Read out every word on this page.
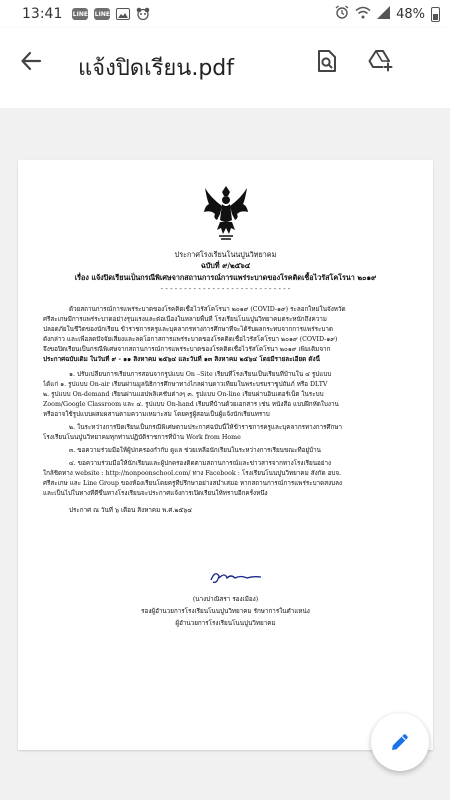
13:41 LINE LINE	48%
แจ้งปิดเรียน.pdf
ประกาศโรงเรียนโนนปูนวิทยาคม
ฉบับที่ ๙/๒๕๖๔
เรื่อง แจ้งปิดเรียนเป็นกรณีพิเศษจากสถานการณ์การแพร่ระบาดของโรคติดเชื้อไวรัสโคโรนา ๒๐๑๙
- - - - - - - - - - - - - - - - - - - - - - - - - - - -
ด้วยสถานการณ์การแพร่ระบาดของโรคติดเชื้อไวรัสโคโรนา ๒๐๑๙ (COVID-๑๙) ระลอกใหม่ในจังหวัด
ศรีสะเกษมีการแพร่ระบาดอย่างรุนแรงและต่อเนื่องในหลายพื้นที่ โรงเรียนโนนปูนวิทยาคมตระหนักถึงความ
ปลอดภัยในชีวิตของนักเรียน ข้าราชการครูและบุคลากรทางการศึกษาที่จะได้รับผลกระทบจากการแพร่ระบาด
ดังกล่าว และเพื่อลดปัจจัยเสี่ยงและลดโอกาสการแพร่ระบาดของโรคติดเชื้อไวรัสโคโรนา ๒๐๑๙ (COVID-๑๙)
จึงขอปิดเรียนเป็นกรณีพิเศษจากสถานการณ์การแพร่ระบาดของโรคติดเชื้อไวรัสโคโรนา ๒๐๑๙ เพิ่มเติมจาก
ประกาศฉบับเดิม ในวันที่ ๙ - ๑๑ สิงหาคม ๒๕๖๔ และวันที่ ๑๓ สิงหาคม ๒๕๖๔ โดยมีรายละเอียด ดังนี้
๑. ปรับเปลี่ยนการเรียนการสอนจากรูปแบบ On –Site เรียนที่โรงเรียนเป็นเรียนที่บ้านใน ๔ รูปแบบ
ได้แก่ ๑. รูปแบบ On-air เรียนผ่านมูลนิธิการศึกษาทางไกลผ่านดาวเทียมในพระบรมราชูปถัมภ์ หรือ DLTV
๒. รูปแบบ On-demand เรียนผ่านแอปพลิเคชันต่างๆ ๓. รูปแบบ On-line เรียนผ่านอินเตอร์เน็ต ในระบบ
Zoom/Google Classroom และ ๔. รูปแบบ On-hand เรียนที่บ้านด้วยเอกสาร เช่น หนังสือ แบบฝึกหัดใบงาน
หรืออาจใช้รูปแบบผสมผสานตามความเหมาะสม โดยครูผู้สอนเป็นผู้แจ้งนักเรียนทราบ
๒. ในระหว่างการปิดเรียนเป็นกรณีพิเศษตามประกาศฉบับนี้ให้ข้าราชการครูและบุคลากรทางการศึกษา
โรงเรียนโนนปูนวิทยาคมทุกท่านปฏิบัติราชการที่บ้าน Work from Home
๓. ขอความร่วมมือให้ผู้ปกครองกำกับ ดูแล ช่วยเหลือนักเรียนในระหว่างการเรียนขณะที่อยู่บ้าน
๔. ขอความร่วมมือให้นักเรียนและผู้ปกครองติดตามสถานการณ์และข่าวสารจากทางโรงเรียนอย่าง
ใกล้ชิดทาง website : http://nonpoonschool.com/ ทาง Facebook : โรงเรียนโนนปูนวิทยาคม สังกัด อบจ.
ศรีสะเกษ และ Line Group ของห้องเรียนโดยครูที่ปรึกษาอย่างสม่ำเสมอ หากสถานการณ์การแพร่ระบาดสงบลง
และเป็นไปในทางที่ดีขึ้นทางโรงเรียนจะประกาศแจ้งการเปิดเรียนให้ทราบอีกครั้งหนึ่ง
ประกาศ ณ วันที่ ๖ เดือน สิงหาคม พ.ศ.๒๕๖๔
(นางปาณิสรา รองเมือง)
รองผู้อำนวยการโรงเรียนโนนปูนวิทยาคม รักษาการในตำแหน่ง
ผู้อำนวยการโรงเรียนโนนปูนวิทยาคม
